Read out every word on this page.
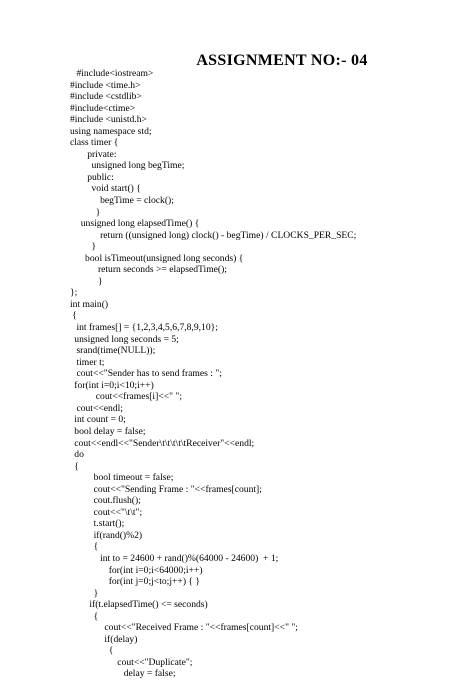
ASSIGNMENT NO:- 04
#include<iostream>
#include <time.h>
#include <cstdlib>
#include<ctime>
#include <unistd.h>
using namespace std;
class timer {
private:
unsigned long begTime;
public:
void start() {
begTime = clock();
}
unsigned long elapsedTime() {
return ((unsigned long) clock() - begTime) / CLOCKS_PER_SEC;
}
bool isTimeout(unsigned long seconds) {
return seconds >= elapsedTime();
}
};
int main()
{
int frames[] = {1,2,3,4,5,6,7,8,9,10};
unsigned long seconds = 5;
srand(time(NULL));
timer t;
cout<<"Sender has to send frames : ";
for(int i=0;i<10;i++)
cout<<frames[i]<<" ";
cout<<endl;
int count = 0;
bool delay = false;
cout<<endl<<"Sender\t\t\t\t\tReceiver"<<endl;
do
{
bool timeout = false;
cout<<"Sending Frame : "<<frames[count];
cout.flush();
cout<<"\t\t";
t.start();
if(rand()%2)
{
int to = 24600 + rand()%(64000 - 24600)  + 1;
for(int i=0;i<64000;i++)
for(int j=0;j<to;j++) { }
}
if(t.elapsedTime() <= seconds)
{
cout<<"Received Frame : "<<frames[count]<<" ";
if(delay)
{
cout<<"Duplicate";
delay = false;
